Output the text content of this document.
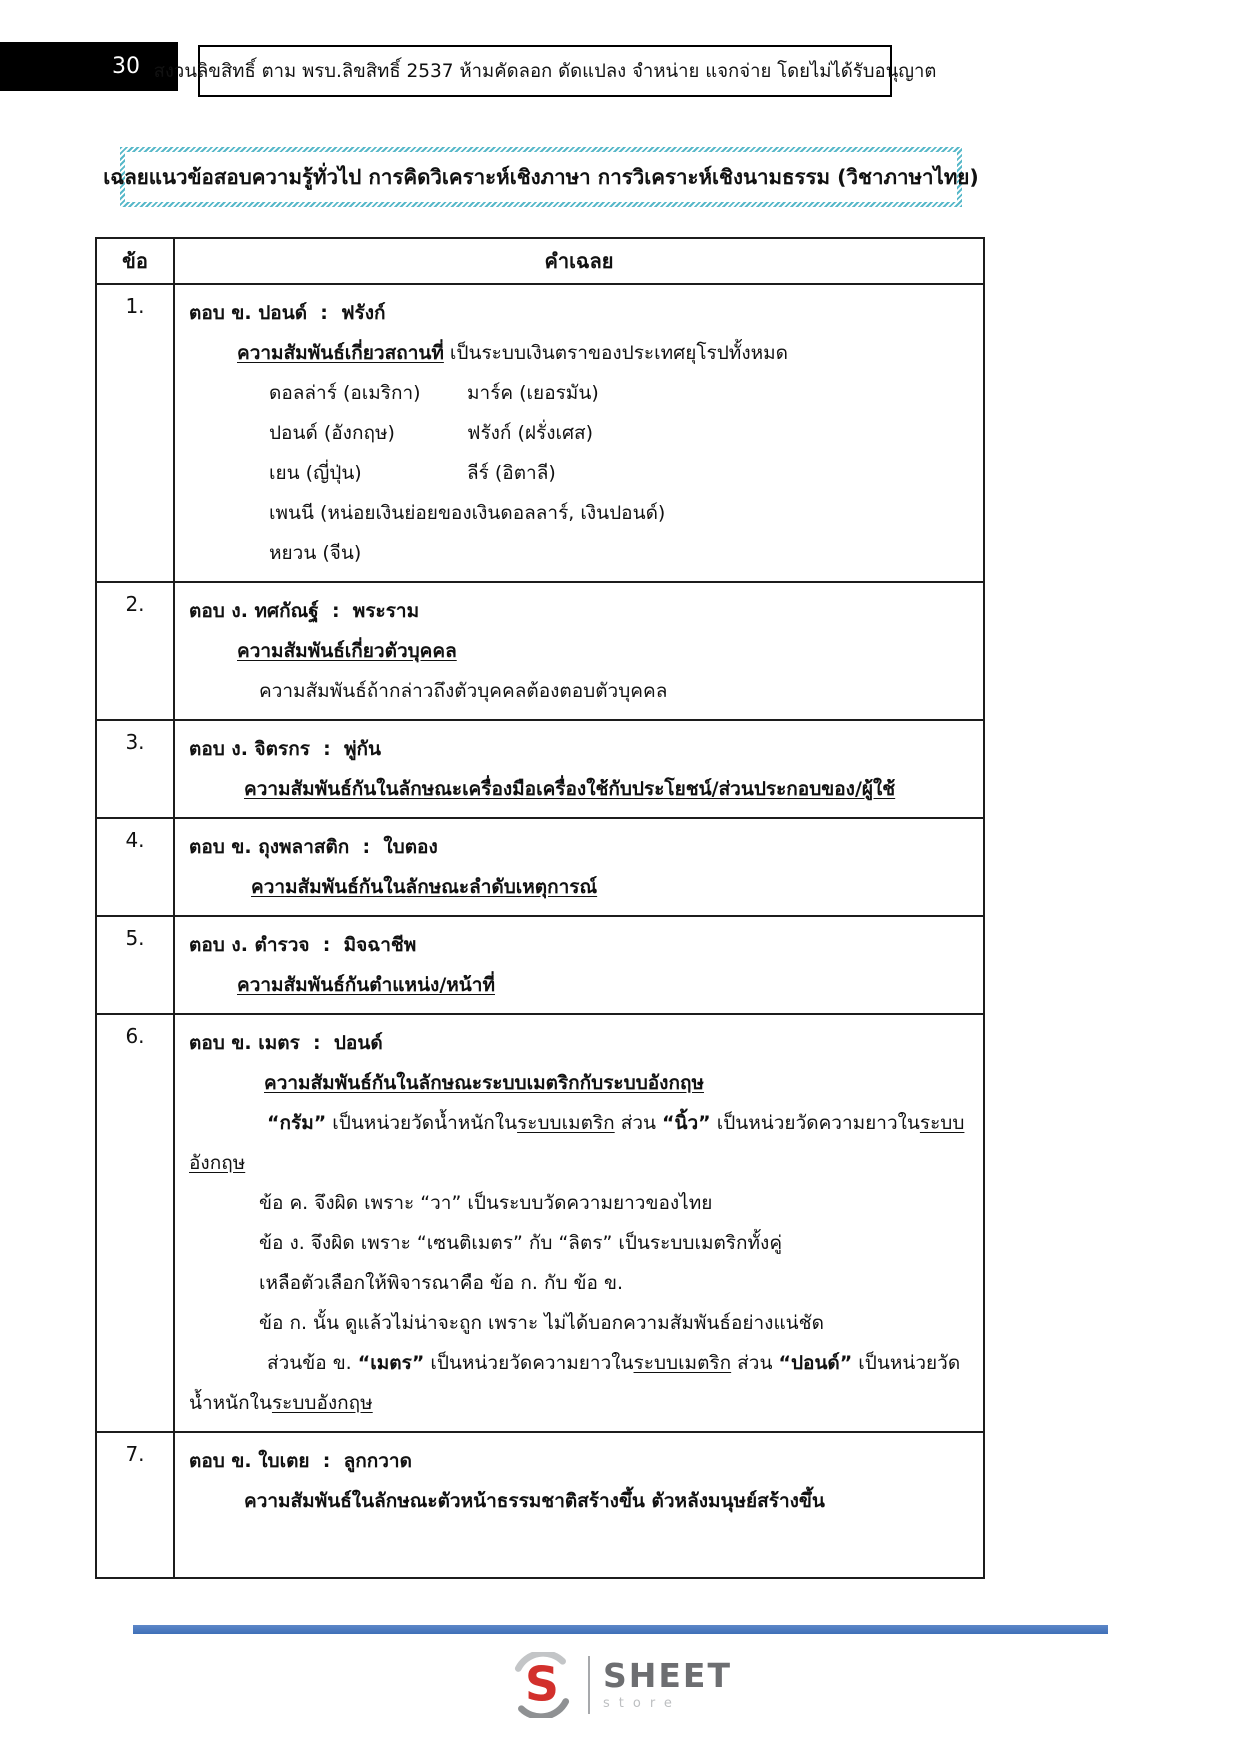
30 สงวนลิขสิทธิ์ ตาม พรบ.ลิขสิทธิ์ 2537 ห้ามคัดลอก ดัดแปลง จำหน่าย แจกจ่าย โดยไม่ได้รับอนุญาต
เฉลยแนวข้อสอบความรู้ทั่วไป การคิดวิเคราะห์เชิงภาษา การวิเคราะห์เชิงนามธรรม (วิชาภาษาไทย)
ข้อ	คำเฉลย
1.	ตอบ ข. ปอนด์  :  ฟรังก์
ความสัมพันธ์เกี่ยวสถานที่ เป็นระบบเงินตราของประเทศยุโรปทั้งหมด
ดอลล่าร์ (อเมริกา) มาร์ค (เยอรมัน)
ปอนด์ (อังกฤษ)	ฟรังก์ (ฝรั่งเศส)
เยน (ญี่ปุ่น)	ลีร์ (อิตาลี)
เพนนี (หน่อยเงินย่อยของเงินดอลลาร์, เงินปอนด์)
หยวน (จีน)

2.	ตอบ ง. ทศกัณฐ์  :  พระราม
ความสัมพันธ์เกี่ยวตัวบุคคล
ความสัมพันธ์ถ้ากล่าวถึงตัวบุคคลต้องตอบตัวบุคคล

3.	ตอบ ง. จิตรกร  :  พู่กัน
ความสัมพันธ์กันในลักษณะเครื่องมือเครื่องใช้กับประโยชน์/ส่วนประกอบของ/ผู้ใช้

4.	ตอบ ข. ถุงพลาสติก  :  ใบตอง
ความสัมพันธ์กันในลักษณะลำดับเหตุการณ์

5.	ตอบ ง. ตำรวจ  :  มิจฉาชีพ
ความสัมพันธ์กันตำแหน่ง/หน้าที่

6.	ตอบ ข. เมตร  :  ปอนด์
ความสัมพันธ์กันในลักษณะระบบเมตริกกับระบบอังกฤษ
“กรัม” เป็นหน่วยวัดน้ำหนักในระบบเมตริก ส่วน “นิ้ว” เป็นหน่วยวัดความยาวในระบบอังกฤษ
ข้อ ค. จึงผิด เพราะ “วา” เป็นระบบวัดความยาวของไทย
ข้อ ง. จึงผิด เพราะ “เซนติเมตร” กับ “ลิตร” เป็นระบบเมตริกทั้งคู่
เหลือตัวเลือกให้พิจารณาคือ ข้อ ก. กับ ข้อ ข.
ข้อ ก. นั้น ดูแล้วไม่น่าจะถูก เพราะ ไม่ได้บอกความสัมพันธ์อย่างแน่ชัด
ส่วนข้อ ข. “เมตร” เป็นหน่วยวัดความยาวในระบบเมตริก ส่วน “ปอนด์” เป็นหน่วยวัดน้ำหนักในระบบอังกฤษ

7.	ตอบ ข. ใบเตย  :  ลูกกวาด
ความสัมพันธ์ในลักษณะตัวหน้าธรรมชาติสร้างขึ้น ตัวหลังมนุษย์สร้างขึ้น
S SHEET
store
